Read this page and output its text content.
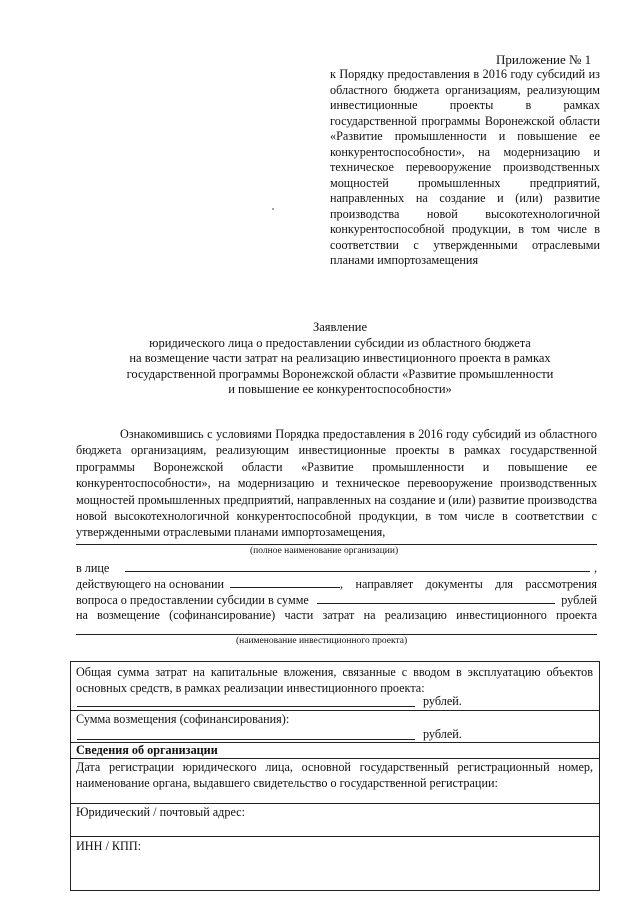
Приложение № 1
к Порядку предоставления в 2016 году субсидий из областного бюджета организациям, реализующим инвестиционные проекты в рамках государственной программы Воронежской области «Развитие промышленности и повышение ее конкурентоспособности», на модернизацию и техническое перевооружение производственных мощностей промышленных предприятий, направленных на создание и (или) развитие производства новой высокотехнологичной конкурентоспособной продукции, в том числе в соответствии с утвержденными отраслевыми планами импортозамещения
Заявление
юридического лица о предоставлении субсидии из областного бюджета
на возмещение части затрат на реализацию инвестиционного проекта в рамках
государственной программы Воронежской области «Развитие промышленности
и повышение ее конкурентоспособности»
Ознакомившись с условиями Порядка предоставления в 2016 году субсидий из областного бюджета организациям, реализующим инвестиционные проекты в рамках государственной программы Воронежской области «Развитие промышленности и повышение ее конкурентоспособности», на модернизацию и техническое перевооружение производственных мощностей промышленных предприятий, направленных на создание и (или) развитие производства новой высокотехнологичной конкурентоспособной продукции, в том числе в соответствии с утвержденными отраслевыми планами импортозамещения,
(полное наименование организации)
в лице	,
действующего на основании	, направляет документы для рассмотрения
вопроса о предоставлении субсидии в сумме	рублей
на возмещение (софинансирование) части затрат на реализацию инвестиционного проекта
(наименование инвестиционного проекта)
Общая сумма затрат на капитальные вложения, связанные с вводом в эксплуатацию объектов основных средств, в рамках реализации инвестиционного проекта:
рублей.
Сумма возмещения (софинансирования):
рублей.
Сведения об организации
Дата регистрации юридического лица, основной государственный регистрационный номер, наименование органа, выдавшего свидетельство о государственной регистрации:
Юридический / почтовый адрес:
ИНН / КПП:
